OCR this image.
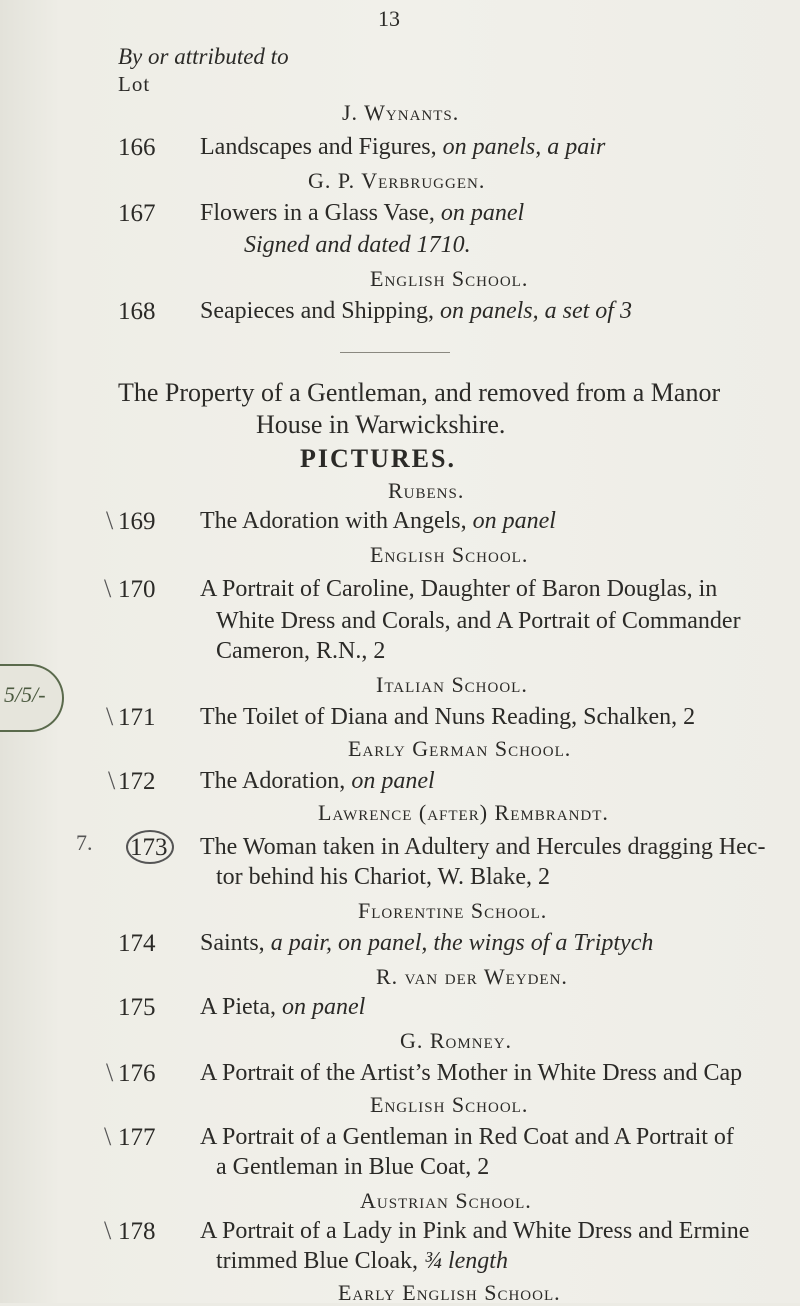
13
By or attributed to
Lot
J. Wynants.
166	Landscapes and Figures, on panels, a pair
G. P. Verbruggen.
167	Flowers in a Glass Vase, on panel
Signed and dated 1710.
English School.
168	Seapieces and Shipping, on panels, a set of 3
The Property of a Gentleman, and removed from a Manor
House in Warwickshire.
PICTURES.
Rubens.
\ 169	The Adoration with Angels, on panel
English School.
\ 170	A Portrait of Caroline, Daughter of Baron Douglas, in
White Dress and Corals, and A Portrait of Commander
Cameron, R.N., 2
Italian School.
\ 171	The Toilet of Diana and Nuns Reading, Schalken, 2
Early German School.
\ 172	The Adoration, on panel
Lawrence (after) Rembrandt.
5/5/-
7. 173	The Woman taken in Adultery and Hercules dragging Hec-
tor behind his Chariot, W. Blake, 2
Florentine School.
174	Saints, a pair, on panel, the wings of a Triptych
R. van der Weyden.
175	A Pieta, on panel
G. Romney.
\ 176	A Portrait of the Artist’s Mother in White Dress and Cap
English School.
\ 177	A Portrait of a Gentleman in Red Coat and A Portrait of
a Gentleman in Blue Coat, 2
Austrian School.
\ 178	A Portrait of a Lady in Pink and White Dress and Ermine
trimmed Blue Cloak, ¾ length
Early English School.
